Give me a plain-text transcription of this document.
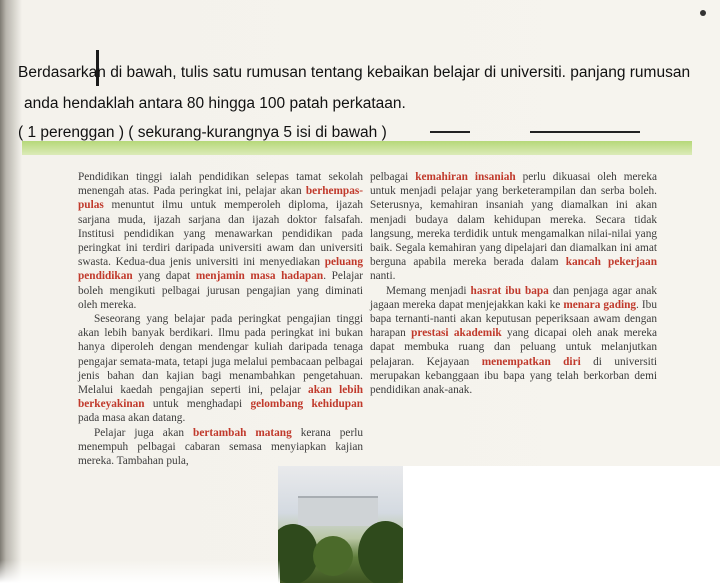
Berdasarkan di bawah, tulis satu rumusan tentang kebaikan belajar di universiti. panjang rumusan
anda hendaklah antara 80 hingga 100 patah perkataan.
( 1 perenggan ) ( sekurang-kurangnya 5 isi di bawah )

Pendidikan tinggi ialah pendidikan selepas tamat sekolah menengah atas. Pada peringkat ini, pelajar akan berhempas-pulas menuntut ilmu untuk memperoleh diploma, ijazah sarjana muda, ijazah sarjana dan ijazah doktor falsafah. Institusi pendidikan yang menawarkan pendidikan pada peringkat ini terdiri daripada universiti awam dan universiti swasta. Kedua-dua jenis universiti ini menyediakan peluang pendidikan yang dapat menjamin masa hadapan. Pelajar boleh mengikuti pelbagai jurusan pengajian yang diminati oleh mereka.

Seseorang yang belajar pada peringkat pengajian tinggi akan lebih banyak berdikari. Ilmu pada peringkat ini bukan hanya diperoleh dengan mendengar kuliah daripada tenaga pengajar semata-mata, tetapi juga melalui pembacaan pelbagai jenis bahan dan kajian bagi menambahkan pengetahuan. Melalui kaedah pengajian seperti ini, pelajar akan lebih berkeyakinan untuk menghadapi gelombang kehidupan pada masa akan datang.

Pelajar juga akan bertambah matang kerana perlu menempuh pelbagai cabaran semasa menyiapkan kajian mereka. Tambahan pula,

pelbagai kemahiran insaniah perlu dikuasai oleh mereka untuk menjadi pelajar yang berketerampilan dan serba boleh. Seterusnya, kemahiran insaniah yang diamalkan ini akan menjadi budaya dalam kehidupan mereka. Secara tidak langsung, mereka terdidik untuk mengamalkan nilai-nilai yang baik. Segala kemahiran yang dipelajari dan diamalkan ini amat berguna apabila mereka berada dalam kancah pekerjaan nanti.

Memang menjadi hasrat ibu bapa dan penjaga agar anak jagaan mereka dapat menjejakkan kaki ke menara gading. Ibu bapa ternanti-nanti akan keputusan peperiksaan awam dengan harapan prestasi akademik yang dicapai oleh anak mereka dapat membuka ruang dan peluang untuk melanjutkan pelajaran. Kejayaan menempatkan diri di universiti merupakan kebanggaan ibu bapa yang telah berkorban demi pendidikan anak-anak.
